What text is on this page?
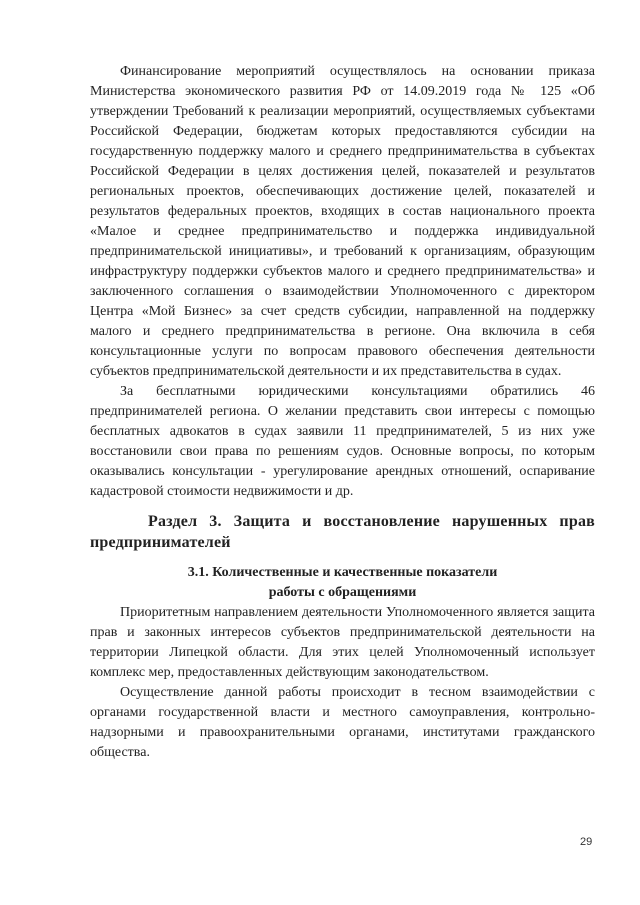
Финансирование мероприятий осуществлялось на основании приказа Министерства экономического развития РФ от 14.09.2019 года № 125 «Об утверждении Требований к реализации мероприятий, осуществляемых субъектами Российской Федерации, бюджетам которых предоставляются субсидии на государственную поддержку малого и среднего предпринимательства в субъектах Российской Федерации в целях достижения целей, показателей и результатов региональных проектов, обеспечивающих достижение целей, показателей и результатов федеральных проектов, входящих в состав национального проекта «Малое и среднее предпринимательство и поддержка индивидуальной предпринимательской инициативы», и требований к организациям, образующим инфраструктуру поддержки субъектов малого и среднего предпринимательства» и заключенного соглашения о взаимодействии Уполномоченного с директором Центра «Мой Бизнес» за счет средств субсидии, направленной на поддержку малого и среднего предпринимательства в регионе. Она включила в себя консультационные услуги по вопросам правового обеспечения деятельности субъектов предпринимательской деятельности и их представительства в судах.

За бесплатными юридическими консультациями обратились 46 предпринимателей региона. О желании представить свои интересы с помощью бесплатных адвокатов в судах заявили 11 предпринимателей, 5 из них уже восстановили свои права по решениям судов. Основные вопросы, по которым оказывались консультации - урегулирование арендных отношений, оспаривание кадастровой стоимости недвижимости и др.

Раздел 3. Защита и восстановление нарушенных прав предпринимателей
3.1. Количественные и качественные показатели
работы с обращениями

Приоритетным направлением деятельности Уполномоченного является защита прав и законных интересов субъектов предпринимательской деятельности на территории Липецкой области. Для этих целей Уполномоченный использует комплекс мер, предоставленных действующим законодательством.

Осуществление данной работы происходит в тесном взаимодействии с органами государственной власти и местного самоуправления, контрольно-надзорными и правоохранительными органами, институтами гражданского общества.

29
